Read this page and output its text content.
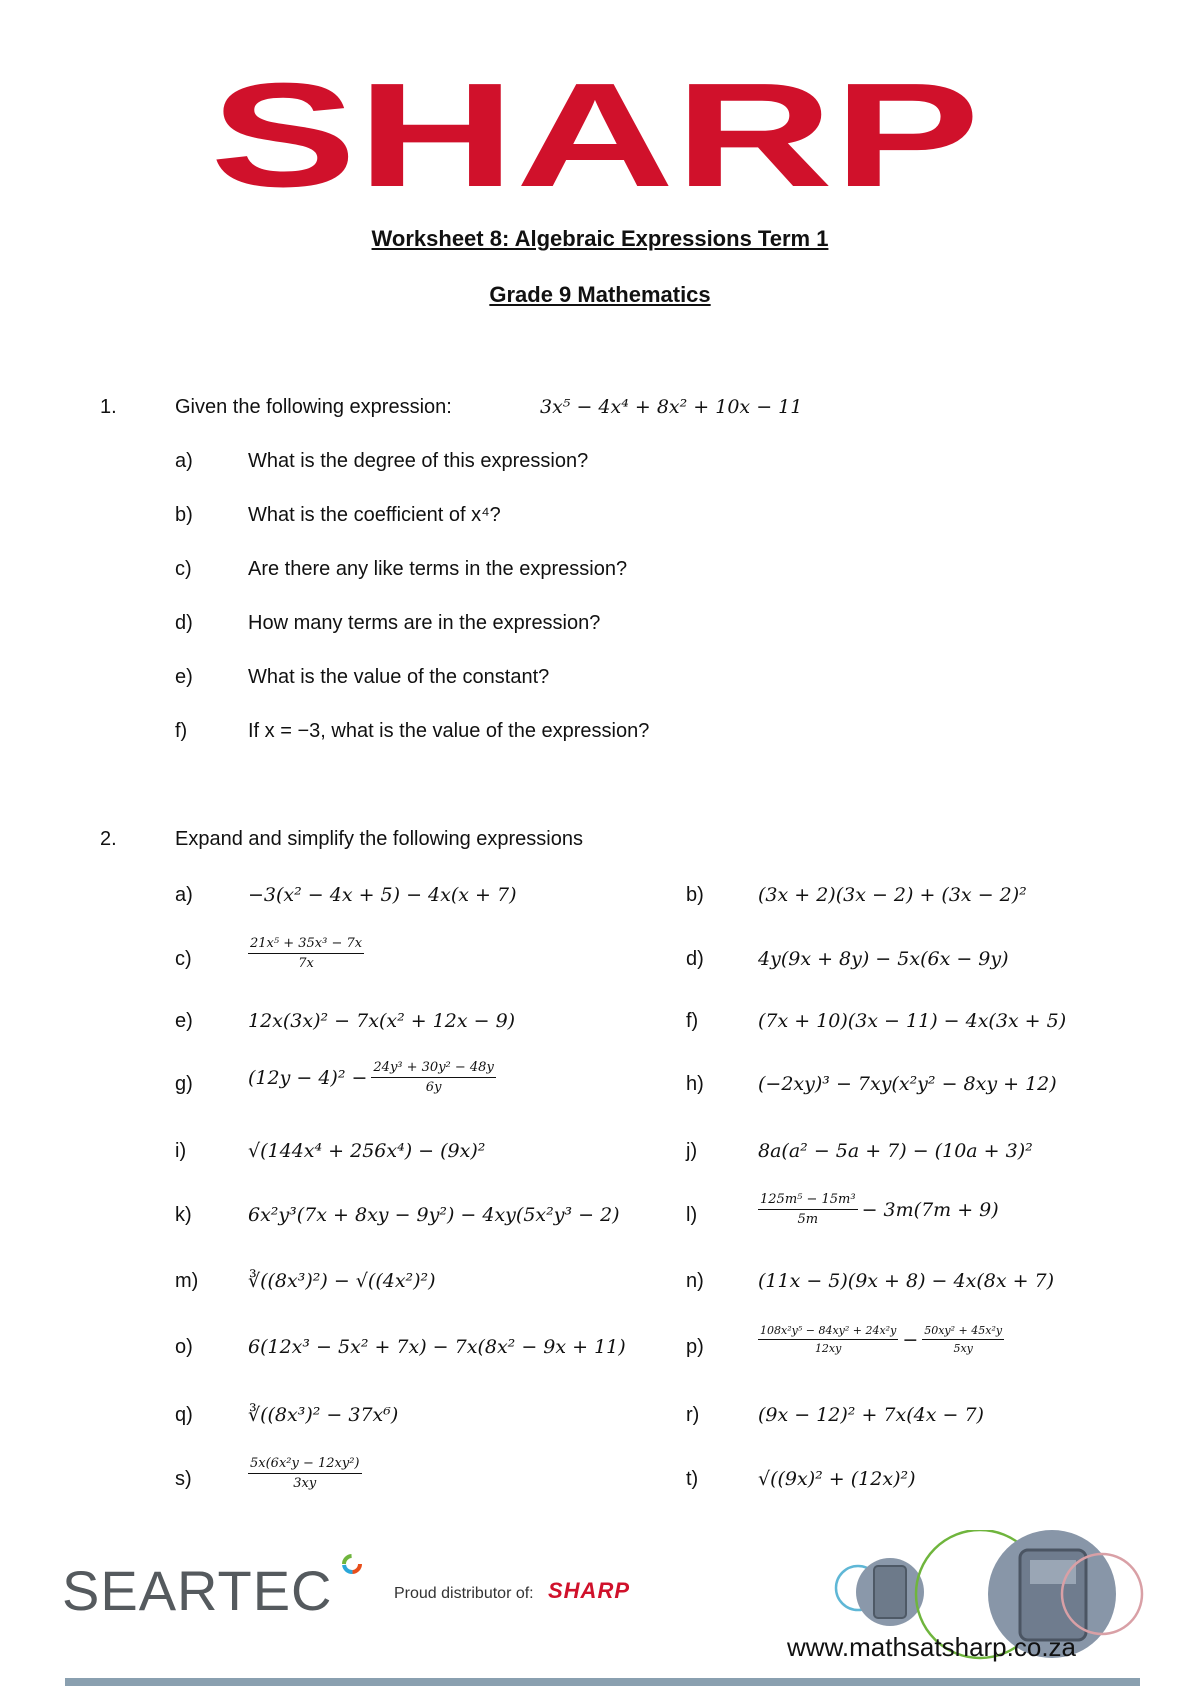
SHARP
Worksheet 8: Algebraic Expressions Term 1
Grade 9 Mathematics
1.	Given the following expression:	3x⁵ − 4x⁴ + 8x² + 10x − 11
a)	What is the degree of this expression?
b)	What is the coefficient of x⁴?
c)	Are there any like terms in the expression?
d)	How many terms are in the expression?
e)	What is the value of the constant?
f)	If x = −3, what is the value of the expression?
2.	Expand and simplify the following expressions
a)	−3(x² − 4x + 5) − 4x(x + 7)	b)	(3x + 2)(3x − 2) + (3x − 2)²
c)	$\frac{\text{21x⁵ + 35x³ − 7x}}{7x}$	d)	4y(9x + 8y) − 5x(6x − 9y)
e)	12x(3x)² − 7x(x² + 12x − 9)	f)	(7x + 10)(3x − 11) − 4x(3x + 5)
g)	$(12y - 4)^2 - \frac{\text{24y³ + 30y² − 48y}}{6y}$	h)	(−2xy)³ − 7xy(x²y² − 8xy + 12)
i)	√(144x⁴ + 256x⁴) − (9x)²	j)	8a(a² − 5a + 7) − (10a + 3)²
k)	6x²y³(7x + 8xy − 9y²) − 4xy(5x²y³ − 2)	l)	$\frac{\text{125m⁵ − 15m³}}{5m} - 3m(7m + 9)$
m)	∛((8x³)²) − √((4x²)²)	n)	(11x − 5)(9x + 8) − 4x(8x + 7)
o)	6(12x³ − 5x² + 7x) − 7x(8x² − 9x + 11)	p)	$\frac{\text{108x²y⁵ − 84xy² + 24x²y}}{12xy} - \frac{\text{50xy² + 45x²y}}{5xy}$
q)	∛((8x³)² − 37x⁶)	r)	(9x − 12)² + 7x(4x − 7)
s)	$\frac{\text{5x(6x²y − 12xy²)}}{3xy}$	t)	√((9x)² + (12x)²)
SEARTEC	Proud distributor of: SHARP
www.mathsatsharp.co.za
